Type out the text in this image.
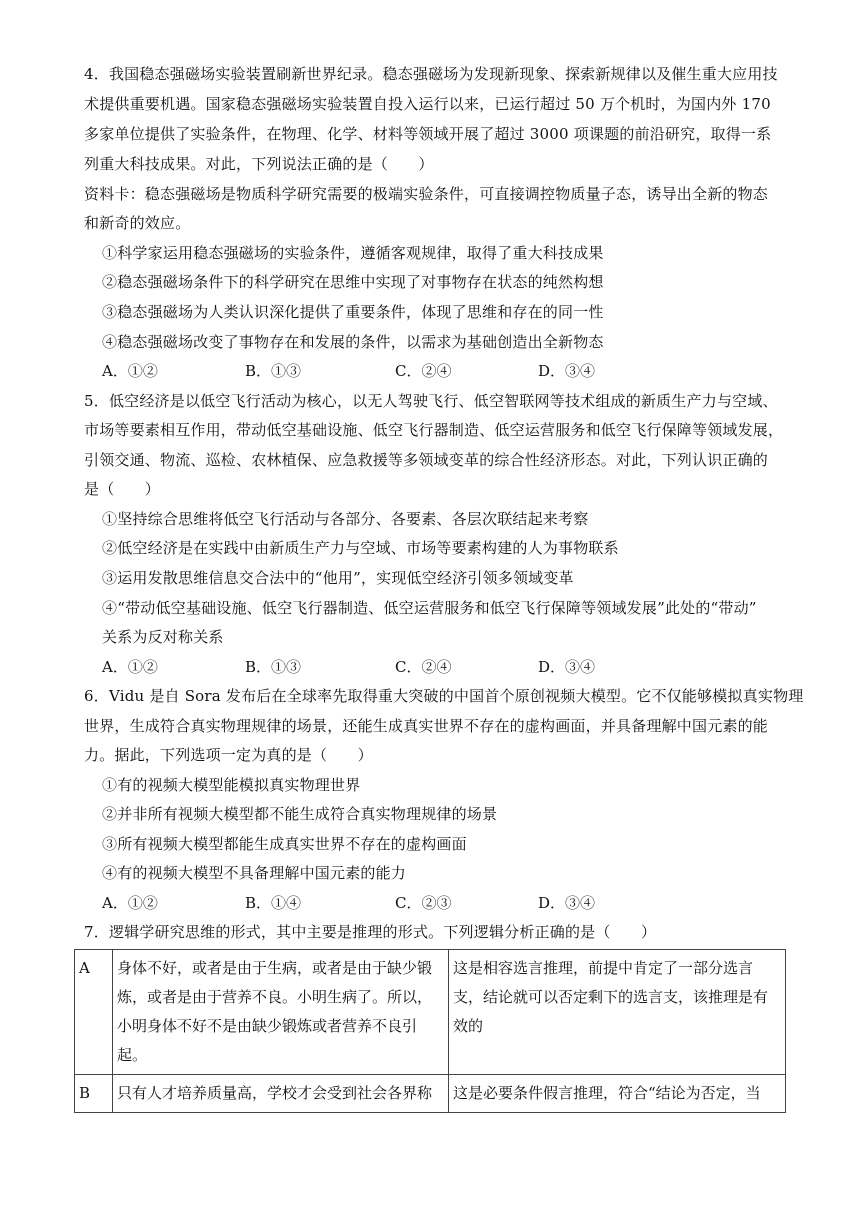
4．我国稳态强磁场实验装置刷新世界纪录。稳态强磁场为发现新现象、探索新规律以及催生重大应用技
术提供重要机遇。国家稳态强磁场实验装置自投入运行以来，已运行超过 50 万个机时，为国内外 170
多家单位提供了实验条件，在物理、化学、材料等领域开展了超过 3000 项课题的前沿研究，取得一系
列重大科技成果。对此，下列说法正确的是（　　）
资料卡：稳态强磁场是物质科学研究需要的极端实验条件，可直接调控物质量子态，诱导出全新的物态
和新奇的效应。
①科学家运用稳态强磁场的实验条件，遵循客观规律，取得了重大科技成果
②稳态强磁场条件下的科学研究在思维中实现了对事物存在状态的纯然构想
③稳态强磁场为人类认识深化提供了重要条件，体现了思维和存在的同一性
④稳态强磁场改变了事物存在和发展的条件，以需求为基础创造出全新物态
A．①②	B．①③	C．②④	D．③④
5．低空经济是以低空飞行活动为核心，以无人驾驶飞行、低空智联网等技术组成的新质生产力与空域、
市场等要素相互作用，带动低空基础设施、低空飞行器制造、低空运营服务和低空飞行保障等领域发展，
引领交通、物流、巡检、农林植保、应急救援等多领域变革的综合性经济形态。对此，下列认识正确的
是（　　）
①坚持综合思维将低空飞行活动与各部分、各要素、各层次联结起来考察
②低空经济是在实践中由新质生产力与空域、市场等要素构建的人为事物联系
③运用发散思维信息交合法中的“他用”，实现低空经济引领多领域变革
④“带动低空基础设施、低空飞行器制造、低空运营服务和低空飞行保障等领域发展”此处的“带动”
关系为反对称关系
A．①②	B．①③	C．②④	D．③④
6．Vidu 是自 Sora 发布后在全球率先取得重大突破的中国首个原创视频大模型。它不仅能够模拟真实物理
世界，生成符合真实物理规律的场景，还能生成真实世界不存在的虚构画面，并具备理解中国元素的能
力。据此，下列选项一定为真的是（　　）
①有的视频大模型能模拟真实物理世界
②并非所有视频大模型都不能生成符合真实物理规律的场景
③所有视频大模型都能生成真实世界不存在的虚构画面
④有的视频大模型不具备理解中国元素的能力
A．①②	B．①④	C．②③	D．③④
7．逻辑学研究思维的形式，其中主要是推理的形式。下列逻辑分析正确的是（　　）
A	身体不好，或者是由于生病，或者是由于缺少锻炼，或者是由于营养不良。小明生病了。所以，小明身体不好不是由缺少锻炼或者营养不良引起。	这是相容选言推理，前提中肯定了一部分选言支，结论就可以否定剩下的选言支，该推理是有效的
B	只有人才培养质量高，学校才会受到社会各界称	这是必要条件假言推理，符合“结论为否定，当
